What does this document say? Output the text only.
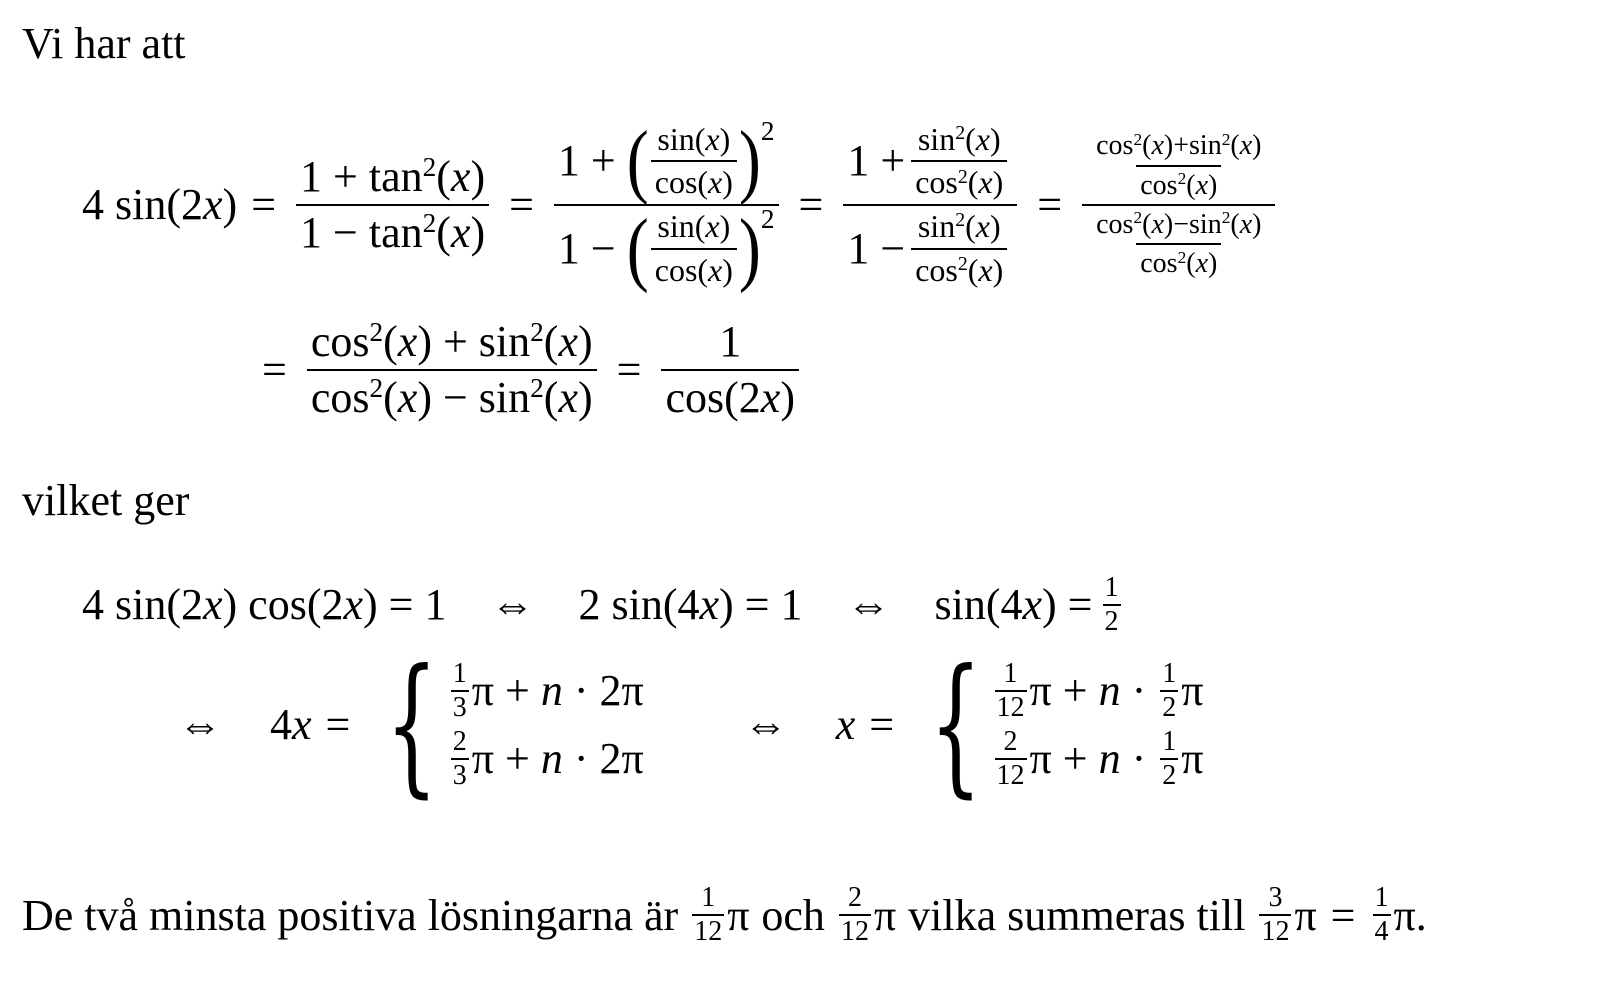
Vi har att
4 $\sin(2x) = \frac{1 + \tan^2(x)}{1 - \tan^2(x)} = 1$
+
( $\frac{\sin(x)}{\cos(x)} )^2$
1
−
( $\frac{\sin(x)}{\cos(x)} )^2 = 1$
+ $\frac{\sin^2(x)}{\cos^2(x)}$
1
− $\frac{\sin^2(x)}{\cos^2(x)} = \frac{\frac{\cos^2(x)+\sin^2(x)}{\cos^2(x)}}{\frac{\cos^2(x)-\sin^2(x)}{\cos^2(x)}}$
= $\frac{\cos^2(x) + \sin^2(x)}{\cos^2(x) - \sin^2(x)} = \frac{1}{\cos(2x)}$
vilket ger
4 sin(2x) cos(2x) = 1 ⇔ 2 sin(4x) = 1 ⇔ $\sin(4x) = \frac{1}{2}$
⇔ 4x = { $\frac{1}{3}$ π
+
n
·
2π
$\frac{2}{3}$ π
+
n
·
2π
⇔ x = { $\frac{1}{12}$ π
+
n
·
$\frac{1}{2}$ π
$\frac{2}{12}$ π
+
n
·
$\frac{1}{2}$ π
De två minsta positiva lösningarna är $\frac{1}{12}$ π och $\frac{2}{12}$ π vilka summeras till $\frac{3}{12}$ $\pi = \frac{1}{4}$ π .
